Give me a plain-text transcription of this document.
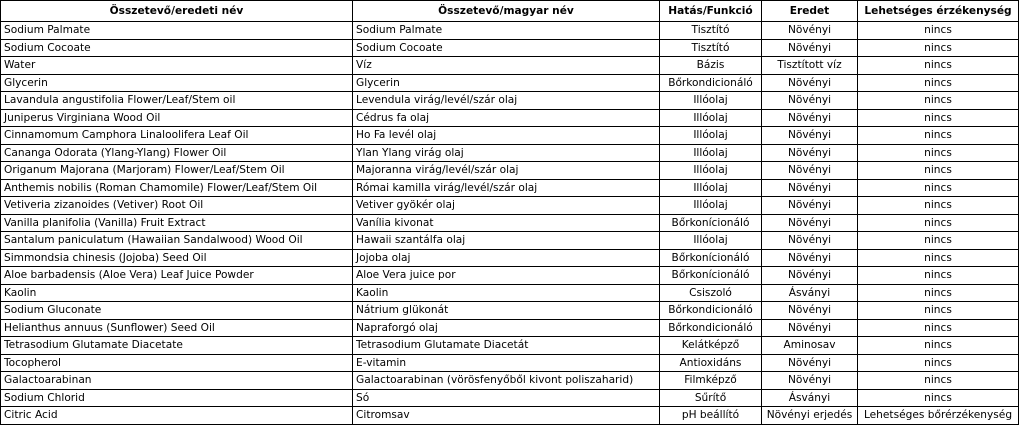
Összetevő/eredeti név	Összetevő/magyar név	Hatás/Funkció	Eredet	Lehetséges érzékenység
Sodium Palmate	Sodium Palmate	Tisztító	Növényi	nincs
Sodium Cocoate	Sodium Cocoate	Tisztító	Növényi	nincs
Water	Víz	Bázis	Tisztított víz	nincs
Glycerin	Glycerin	Bőrkondicionáló	Növényi	nincs
Lavandula angustifolia Flower/Leaf/Stem oil	Levendula virág/levél/szár olaj	Illóolaj	Növényi	nincs
Juniperus Virginiana Wood Oil	Cédrus fa olaj	Illóolaj	Növényi	nincs
Cinnamomum Camphora Linaloolifera Leaf Oil	Ho Fa levél olaj	Illóolaj	Növényi	nincs
Cananga Odorata (Ylang-Ylang) Flower Oil	Ylan Ylang virág olaj	Illóolaj	Növényi	nincs
Origanum Majorana (Marjoram) Flower/Leaf/Stem Oil	Majoranna virág/levél/szár olaj	Illóolaj	Növényi	nincs
Anthemis nobilis (Roman Chamomile) Flower/Leaf/Stem Oil	Római kamilla virág/levél/szár olaj	Illóolaj	Növényi	nincs
Vetiveria zizanoides (Vetiver) Root Oil	Vetiver gyökér olaj	Illóolaj	Növényi	nincs
Vanilla planifolia (Vanilla) Fruit Extract	Vanília kivonat	Bőrkonícionáló	Növényi	nincs
Santalum paniculatum (Hawaiian Sandalwood) Wood Oil	Hawaii szantálfa olaj	Illóolaj	Növényi	nincs
Simmondsia chinesis (Jojoba) Seed Oil	Jojoba olaj	Bőrkonícionáló	Növényi	nincs
Aloe barbadensis (Aloe Vera) Leaf Juice Powder	Aloe Vera juice por	Bőrkonícionáló	Növényi	nincs
Kaolin	Kaolin	Csiszoló	Ásványi	nincs
Sodium Gluconate	Nátrium glükonát	Bőrkondicionáló	Növényi	nincs
Helianthus annuus (Sunflower) Seed Oil	Napraforgó olaj	Bőrkondicionáló	Növényi	nincs
Tetrasodium Glutamate Diacetate	Tetrasodium Glutamate Diacetát	Kelátképző	Aminosav	nincs
Tocopherol	E-vitamin	Antioxidáns	Növényi	nincs
Galactoarabinan	Galactoarabinan (vörösfenyőből kivont poliszaharid)	Filmképző	Növényi	nincs
Sodium Chlorid	Só	Sűrítő	Ásványi	nincs
Citric Acid	Citromsav	pH beállító	Növényi erjedés	Lehetséges bőrérzékenység
